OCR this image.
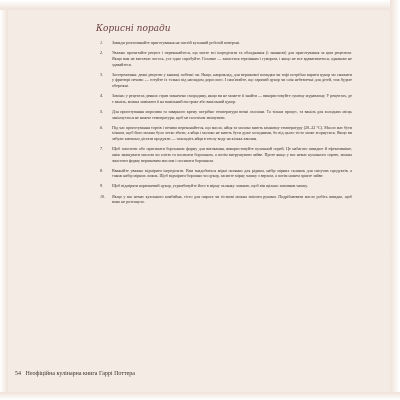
Корисні поради
1. Завжди розпочинайте приготування на чистій кухонній робочій поверхні.
2. Уважно прочитайте рецепт і переконайтеся, що маєте всі інгредієнти та обладнання (і знаннєві) для приготування за цим рецептом. Якщо вам не вистачає чогось, усе одно спробуйте. Головне — запастися терпінням і гумором, і якщо не все вдаватиметься, однаково не здавайтеся.
3. Застереження: деякі рецепти у книжці побічні чи. Якщо, наприклад, для вершкової помадки чи тофі потрібно варити цукор чи смажити у фритюрі печиво — готуйте їх тільки під наглядом дорослого. І пам'ятайте, що гарячий цукор чи олія небезпечні для дітей, тож будьте обережні.
4. Заміна: у рецептах деяких страв зазначено смородину, якщо ви не можете її знайти — використовуйте сушену журавлину. У рецептах, де є ваніль, можна замінити її на ванільний екстракт або ванільний цукор.
5. Для приготування морозива та заварного крему потрібно температури вочні охолони. Та тільки процес, та ваніль для холодних місць закінчується не нижче температури, щоб не поспіхом змішувати.
6. Під час приготування тортів і печива переконайтеся, що масло, яйця та молоко мають кімнатну температуру (20–22 °С). Масло має бути м'яким, щоб його можна було легко збити, а яйця і молоко не мають бути дуже холодними, бо від цього тісто може згорнутися. Якщо ви забули завчасно дістати продукти — покладіть яйця в теплу воду на кілька хвилин.
7. Щоб змастити або присипати борошном форму для випікання, використовуйте кухонний спрей. Це набагато швидше й ефективніше, аніж змащувати маслом чи олією та посипати борошном, а потім витрушувати зайве. Проте якщо у вас немає кухонного спрею, можна змастити форму вершковим маслом і посипати борошном.
8. Вважайте уважно відміряти інгредієнти. Вам знадобиться мірні склянки для рідини, набір мірних склянок для сипучих продуктів, а також набір мірних ложок. Щоб відміряти борошно чи цукор, засипте мірну чашку з верхом, а потім ножем зріжте зайве.
9. Щоб відміряти коричневий цукор, утрамбовуйте його в мірну склянку ложкою, щоб він щільно заповнив чашку.
10. Якщо у вас немає кухонного комбайна, тісто для пирога чи гісткові можна змісити руками. Подрібнювати масло робіть швидко, щоб воно не розтануло.
54 Неофіційна кулінарна книга Гаррі Поттера
